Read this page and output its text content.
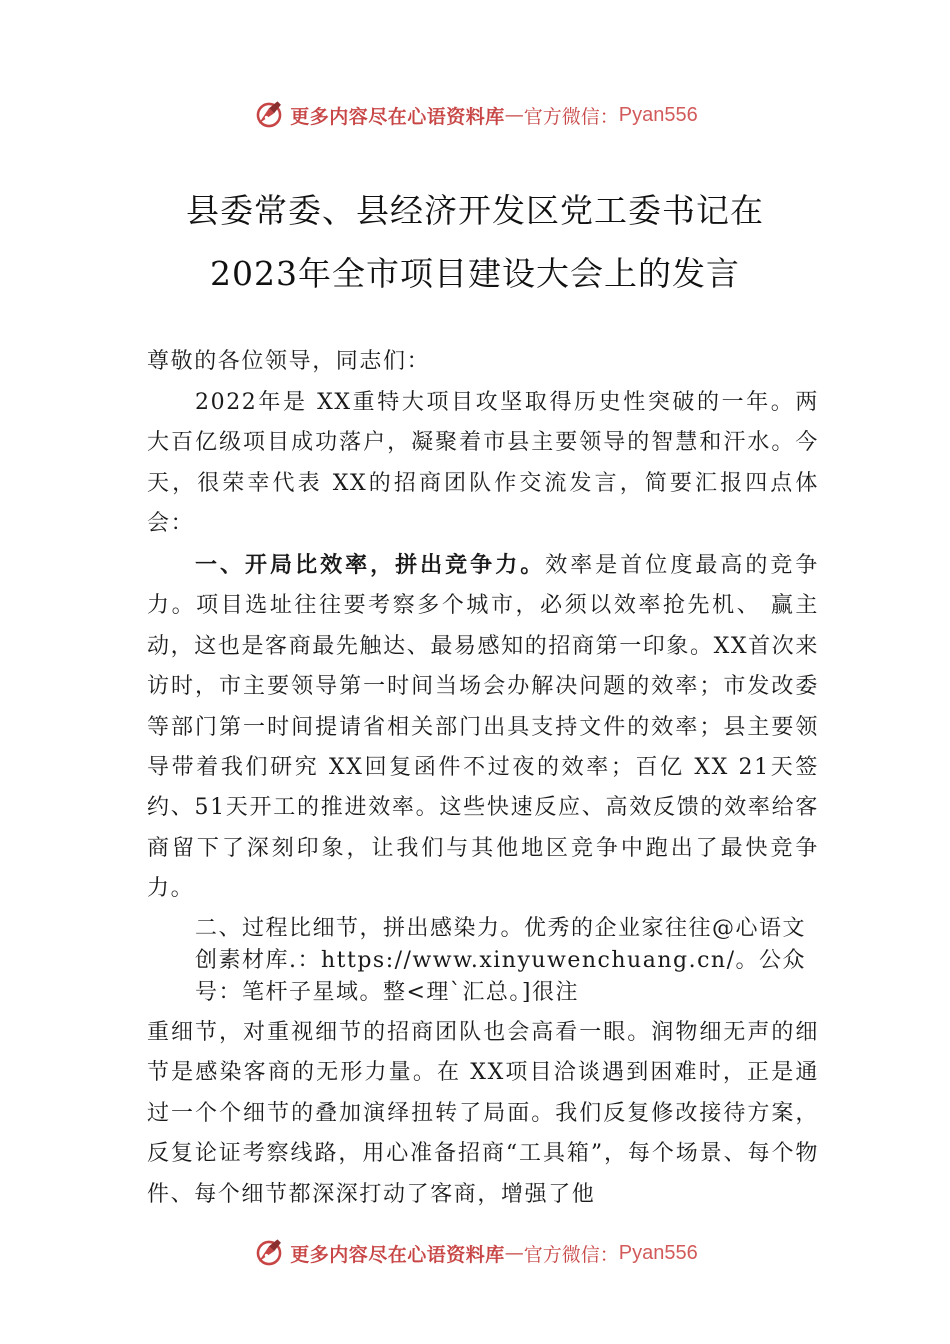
更多内容尽在心语资料库 — 官方微信： Pyan556
县委常委、县经济开发区党工委书记在
2023年全市项目建设大会上的发言

尊敬的各位领导，同志们：

2022年是 XX重特大项目攻坚取得历史性突破的一年。两大百亿级项目成功落户，凝聚着市县主要领导的智慧和汗水。今天，很荣幸代表 XX的招商团队作交流发言，简要汇报四点体会：

一、开局比效率，拼出竞争力。效率是首位度最高的竞争力。项目选址往往要考察多个城市，必须以效率抢先机、 赢主动，这也是客商最先触达、最易感知的招商第一印象。XX首次来访时，市主要领导第一时间当场会办解决问题的效率；市发改委等部门第一时间提请省相关部门出具支持文件的效率；县主要领导带着我们研究 XX回复函件不过夜的效率；百亿 XX 21天签约、51天开工的推进效率。这些快速反应、高效反馈的效率给客商留下了深刻印象，让我们与其他地区竞争中跑出了最快竞争力。

二、过程比细节，拼出感染力。优秀的企业家往往@心语文创素材库.：https://www.xinyuwenchuang.cn/。公众号：笔杆子星域。整<理`汇总。]很注

重细节，对重视细节的招商团队也会高看一眼。润物细无声的细节是感染客商的无形力量。在 XX项目洽谈遇到困难时，正是通过一个个细节的叠加演绎扭转了局面。我们反复修改接待方案，反复论证考察线路，用心准备招商“工具箱”，每个场景、每个物件、每个细节都深深打动了客商，增强了他

更多内容尽在心语资料库 — 官方微信： Pyan556
